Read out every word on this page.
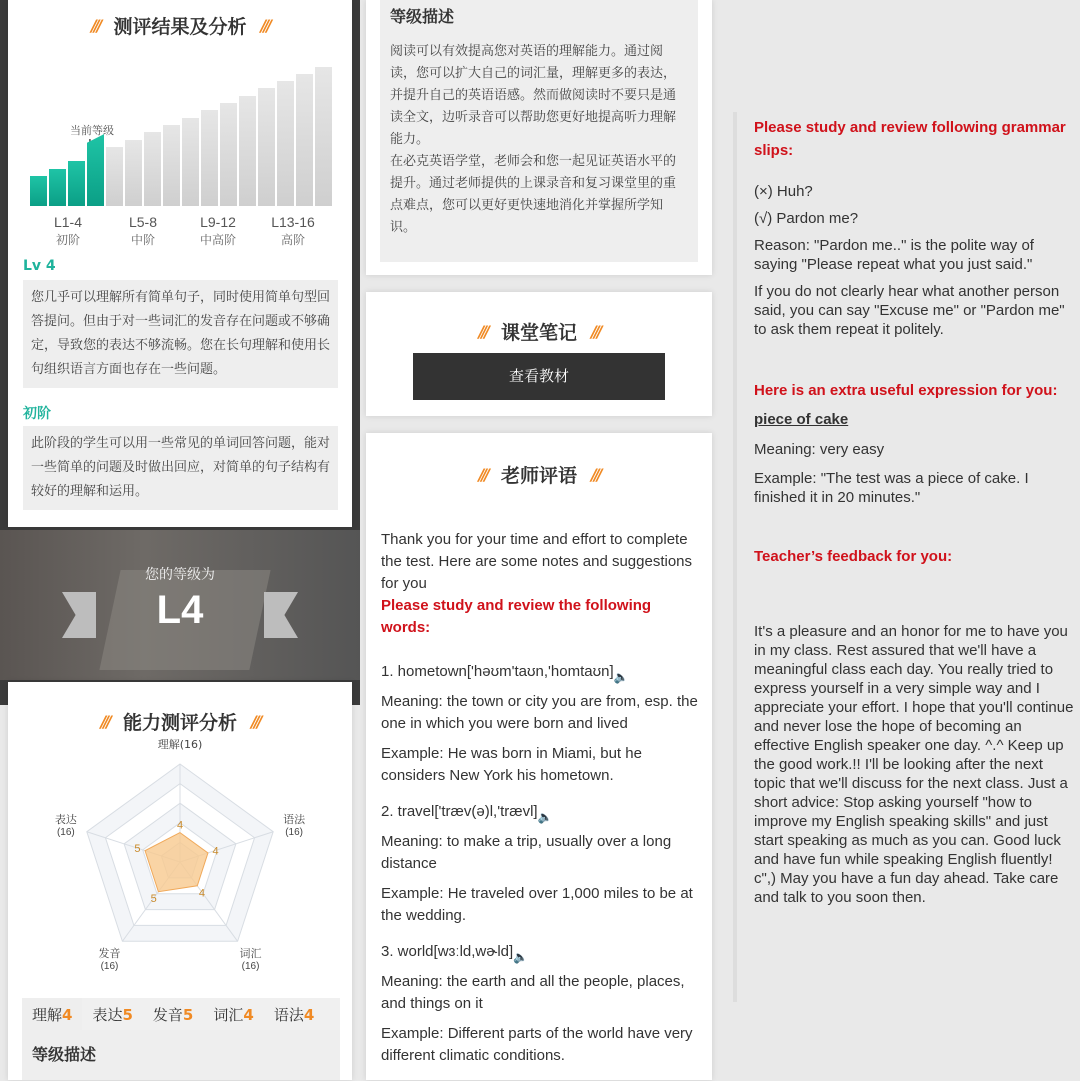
/// 测评结果及分析 ///
当前等级
L1-4
初阶
L5-8
中阶
L9-12
中高阶
L13-16
高阶
Lv 4
您几乎可以理解所有简单句子，同时使用简单句型回答提问。但由于对一些词汇的发音存在问题或不够确定，导致您的表达不够流畅。您在长句理解和使用长句组织语言方面也存在一些问题。
初阶
此阶段的学生可以用一些常见的单词回答问题，能对一些简单的问题及时做出回应，对简单的句子结构有较好的理解和运用。
您的等级为
L4
/// 能力测评分析 ///
4
理解(16)
4
语法
(16)
4
词汇
(16)
5
发音
(16)
5
表达
(16)
理解4 表达5 发音5 词汇4 语法4
等级描述
等级描述
阅读可以有效提高您对英语的理解能力。通过阅读，您可以扩大自己的词汇量，理解更多的表达，并提升自己的英语语感。然而做阅读时不要只是通读全文，边听录音可以帮助您更好地提高听力理解能力。
在必克英语学堂，老师会和您一起见证英语水平的提升。通过老师提供的上课录音和复习课堂里的重点难点，您可以更好更快速地消化并掌握所学知识。
/// 课堂笔记 ///
查看教材
/// 老师评语 ///
Thank you for your time and effort to complete the test. Here are some notes and suggestions for you
Please study and review the following words:

1. hometown['həʊm'taʊn,'homtaʊn]🔈

Meaning: the town or city you are from, esp. the one in which you were born and lived

Example: He was born in Miami, but he considers New York his hometown.

2. travel['træv(ə)l,'trævl]🔈

Meaning: to make a trip, usually over a long distance

Example: He traveled over 1,000 miles to be at the wedding.

3. world[wɜːld,wɚld]🔈

Meaning: the earth and all the people, places, and things on it

Example: Different parts of the world have very different climatic conditions.

Please study and review following grammar slips:
(×) Huh?
(√) Pardon me?
Reason: "Pardon me.." is the polite way of saying "Please repeat what you just said."
If you do not clearly hear what another person said, you can say "Excuse me" or "Pardon me" to ask them repeat it politely.
Here is an extra useful expression for you:
piece of cake
Meaning: very easy
Example: "The test was a piece of cake. I finished it in 20 minutes."
Teacher’s feedback for you:
It's a pleasure and an honor for me to have you in my class. Rest assured that we'll have a meaningful class each day. You really tried to express yourself in a very simple way and I appreciate your effort. I hope that you'll continue and never lose the hope of becoming an effective English speaker one day. ^.^ Keep up the good work.!! I'll be looking after the next topic that we'll discuss for the next class. Just a short advice: Stop asking yourself "how to improve my English speaking skills" and just start speaking as much as you can. Good luck and have fun while speaking English fluently! c",) May you have a fun day ahead. Take care and talk to you soon then.
